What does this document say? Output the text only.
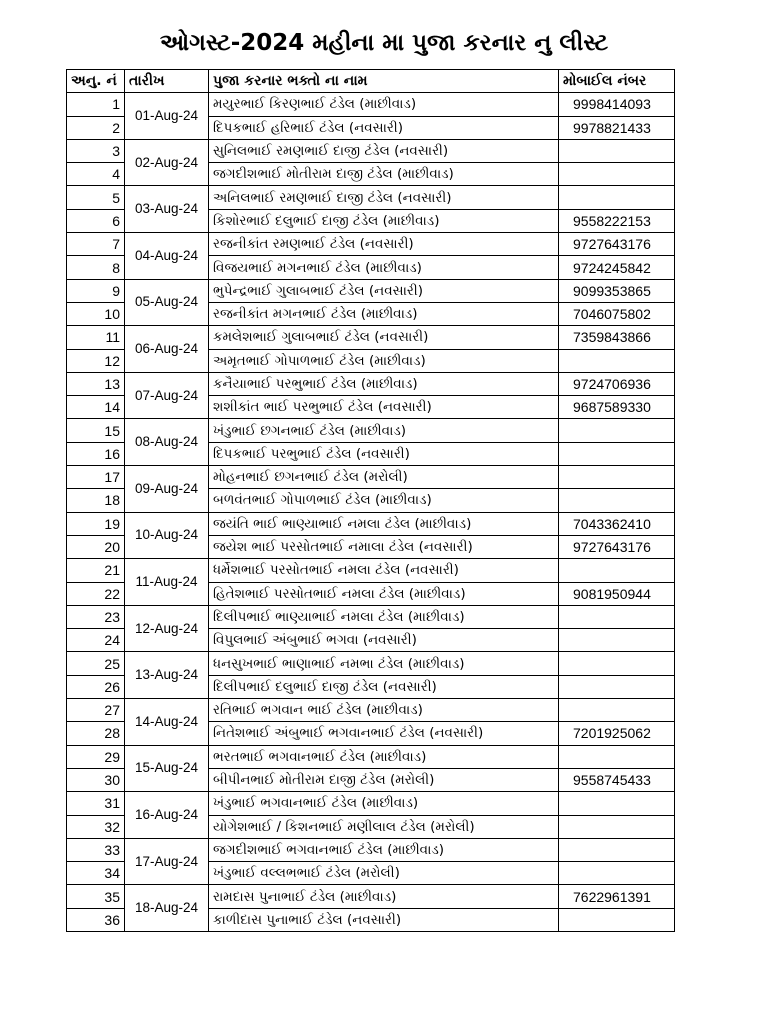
ઓગસ્ટ-2024 મહીના મા પુજા કરનાર નુ લીસ્ટ
અનુ. નં	તારીખ	પુજા કરનાર ભક્તો ના નામ	મોબાઈલ નંબર
1	01-Aug-24	મયુરભાઈ કિરણભાઈ ટંડેલ (માછીવાડ)	9998414093
2		દિપકભાઈ હરિભાઈ ટંડેલ (નવસારી)	9978821433
3	02-Aug-24	સુનિલભાઈ રમણભાઈ દાજી ટંડેલ (નવસારી)	
4		જગદીશભાઈ મોતીરામ દાજી ટંડેલ (માછીવાડ)	
5	03-Aug-24	અનિલભાઈ રમણભાઈ દાજી ટંડેલ (નવસારી)	
6		કિશોરભાઈ દલુભાઈ દાજી ટંડેલ (માછીવાડ)	9558222153
7	04-Aug-24	રજનીકાંત રમણભાઈ ટંડેલ (નવસારી)	9727643176
8		વિજયભાઈ મગનભાઈ ટંડેલ (માછીવાડ)	9724245842
9	05-Aug-24	ભુપેન્દ્રભાઈ ગુલાબભાઈ ટંડેલ (નવસારી)	9099353865
10		રજનીકાંત મગનભાઈ ટંડેલ (માછીવાડ)	7046075802
11	06-Aug-24	કમલેશભાઈ ગુલાબભાઈ ટંડેલ (નવસારી)	7359843866
12		અમૃતભાઈ ગોપાળભાઈ ટંડેલ (માછીવાડ)	
13	07-Aug-24	કનૈયાભાઈ પરભુભાઈ ટંડેલ (માછીવાડ)	9724706936
14		શશીકાંત ભાઈ પરભુભાઈ ટંડેલ (નવસારી)	9687589330
15	08-Aug-24	ખંડુભાઈ છગનભાઈ ટંડેલ (માછીવાડ)	
16		દિપકભાઈ પરભુભાઈ ટંડેલ (નવસારી)	
17	09-Aug-24	મોહનભાઈ છગનભાઈ ટંડેલ (મરોલી)	
18		બળવંતભાઈ ગોપાળભાઈ ટંડેલ (માછીવાડ)	
19	10-Aug-24	જયંતિ ભાઈ ભાણ્યાભાઈ નમલા ટંડેલ (માછીવાડ)	7043362410
20		જયેશ ભાઈ પરસોતભાઈ નમાલા ટંડેલ (નવસારી)	9727643176
21	11-Aug-24	ધર્મેશભાઈ પરસોતભાઈ નમલા ટંડેલ (નવસારી)	
22		હિતેશભાઈ પરસોતભાઈ નમલા ટંડેલ (માછીવાડ)	9081950944
23	12-Aug-24	દિલીપભાઈ ભાણ્યાભાઈ નમલા ટંડેલ (માછીવાડ)	
24		વિપુલભાઈ અંબુભાઈ ભગવા (નવસારી)	
25	13-Aug-24	ધનસુખભાઈ ભાણાભાઈ નમભા ટંડેલ (માછીવાડ)	
26		દિલીપભાઈ દલુભાઈ દાજી ટંડેલ (નવસારી)	
27	14-Aug-24	રતિભાઈ ભગવાન ભાઈ ટંડેલ (માછીવાડ)	
28		નિતેશભાઈ અંબુભાઈ ભગવાનભાઈ ટંડેલ (નવસારી)	7201925062
29	15-Aug-24	ભરતભાઈ ભગવાનભાઈ ટંડેલ (માછીવાડ)	
30		બીપીનભાઈ મોતીરામ દાજી ટંડેલ (મરોલી)	9558745433
31	16-Aug-24	ખંડુભાઈ ભગવાનભાઈ ટંડેલ (માછીવાડ)	
32		યોગેશભાઈ / કિશનભાઈ મણીલાલ ટંડેલ (મરોલી)	
33	17-Aug-24	જગદીશભાઈ ભગવાનભાઈ ટંડેલ (માછીવાડ)	
34		ખંડુભાઈ વલ્લભભાઈ ટંડેલ (મરોલી)	
35	18-Aug-24	રામદાસ પુનાભાઈ ટંડેલ (માછીવાડ)	7622961391
36		કાળીદાસ પુનાભાઈ ટંડેલ (નવસારી)	
